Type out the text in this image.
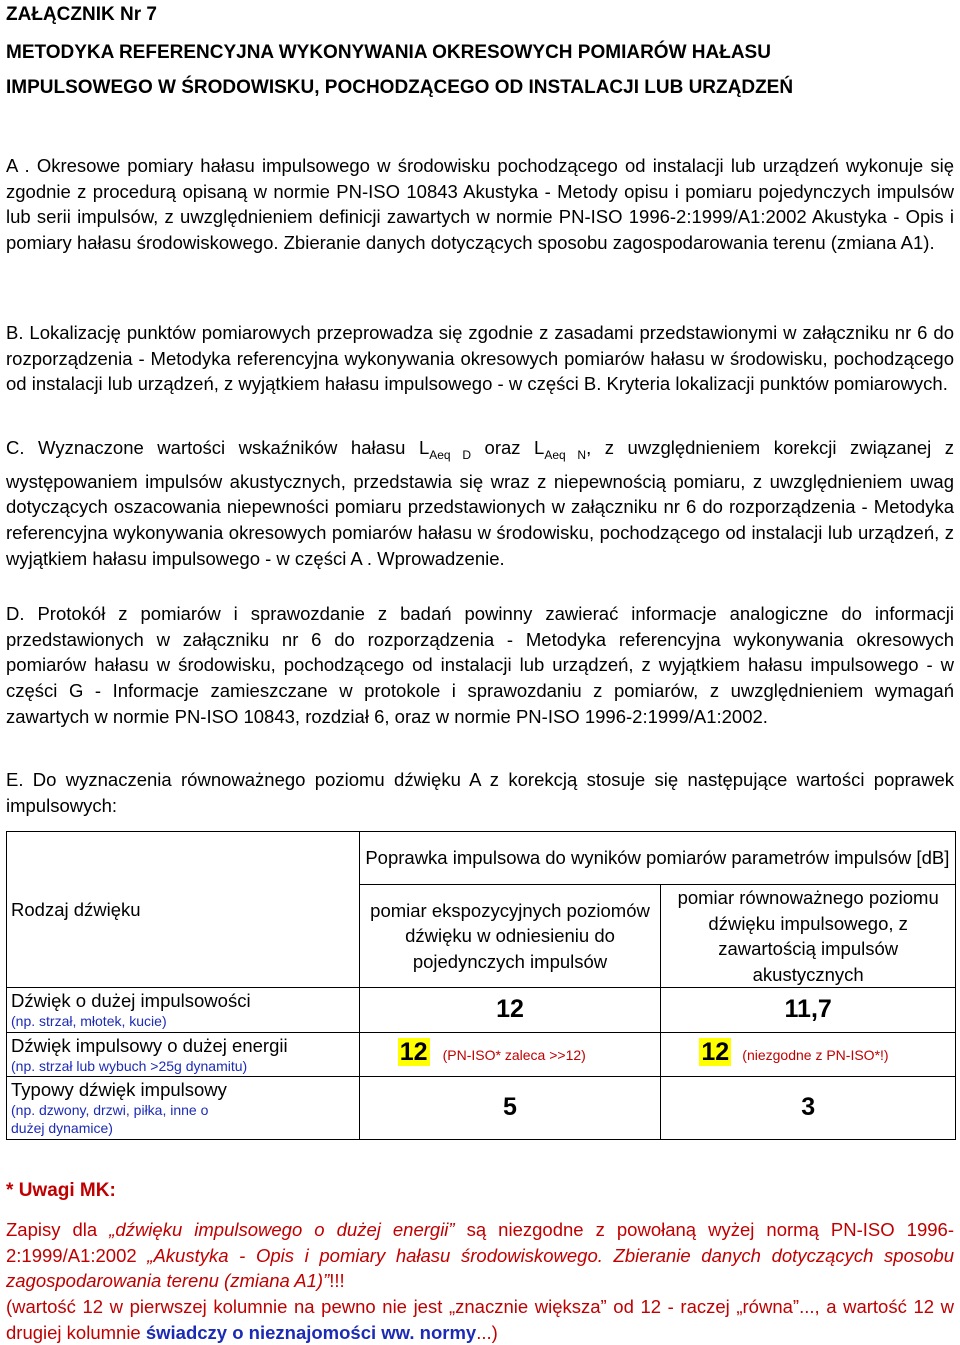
ZAŁĄCZNIK Nr 7
METODYKA REFERENCYJNA WYKONYWANIA OKRESOWYCH POMIARÓW HAŁASU
IMPULSOWEGO W ŚRODOWISKU, POCHODZĄCEGO OD INSTALACJI LUB URZĄDZEŃ
A . Okresowe pomiary hałasu impulsowego w środowisku pochodzącego od instalacji lub urządzeń wykonuje się zgodnie z procedurą opisaną w normie PN-ISO 10843 Akustyka - Metody opisu i pomiaru pojedynczych impulsów lub serii impulsów, z uwzględnieniem definicji zawartych w normie PN-ISO 1996-2:1999/A1:2002 Akustyka - Opis i pomiary hałasu środowiskowego. Zbieranie danych dotyczących sposobu zagospodarowania terenu (zmiana A1).
B. Lokalizację punktów pomiarowych przeprowadza się zgodnie z zasadami przedstawionymi w załączniku nr 6 do rozporządzenia - Metodyka referencyjna wykonywania okresowych pomiarów hałasu w środowisku, pochodzącego od instalacji lub urządzeń, z wyjątkiem hałasu impulsowego - w części B. Kryteria lokalizacji punktów pomiarowych.
C. Wyznaczone wartości wskaźników hałasu $L_{Aeq D}$ oraz $L_{Aeq N}$, z uwzględnieniem korekcji związanej z występowaniem impulsów akustycznych, przedstawia się wraz z niepewnością pomiaru, z uwzględnieniem uwag dotyczących oszacowania niepewności pomiaru przedstawionych w załączniku nr 6 do rozporządzenia - Metodyka referencyjna wykonywania okresowych pomiarów hałasu w środowisku, pochodzącego od instalacji lub urządzeń, z wyjątkiem hałasu impulsowego - w części A . Wprowadzenie.
D. Protokół z pomiarów i sprawozdanie z badań powinny zawierać informacje analogiczne do informacji przedstawionych w załączniku nr 6 do rozporządzenia - Metodyka referencyjna wykonywania okresowych pomiarów hałasu w środowisku, pochodzącego od instalacji lub urządzeń, z wyjątkiem hałasu impulsowego - w części G - Informacje zamieszczane w protokole i sprawozdaniu z pomiarów, z uwzględnieniem wymagań zawartych w normie PN-ISO 10843, rozdział 6, oraz w normie PN-ISO 1996-2:1999/A1:2002.
E. Do wyznaczenia równoważnego poziomu dźwięku A z korekcją stosuje się następujące wartości poprawek impulsowych:
Rodzaj dźwięku	Poprawka impulsowa do wyników pomiarów parametrów impulsów [dB]	
	pomiar ekspozycyjnych poziomów dźwięku w odniesieniu do pojedynczych impulsów	pomiar równoważnego poziomu dźwięku impulsowego, z zawartością impulsów akustycznych

Dźwięk o dużej impulsowości
(np. strzał, młotek, kucie)	12	11,7

Dźwięk impulsowy o dużej energii
(np. strzał lub wybuch >25g dynamitu)	12 (PN-ISO* zaleca >>12)	12 (niezgodne z PN-ISO*!)

Typowy dźwięk impulsowy
(np. dzwony, drzwi, piłka, inne o dużej dynamice)	5	3
* Uwagi MK:
Zapisy dla „dźwięku impulsowego o dużej energii” są niezgodne z powołaną wyżej normą PN-ISO 1996-2:1999/A1:2002 „Akustyka - Opis i pomiary hałasu środowiskowego. Zbieranie danych dotyczących sposobu zagospodarowania terenu (zmiana A1)”!!!
(wartość 12 w pierwszej kolumnie na pewno nie jest „znacznie większa” od 12 - raczej „równa”..., a wartość 12 w drugiej kolumnie świadczy o nieznajomości ww. normy...)
